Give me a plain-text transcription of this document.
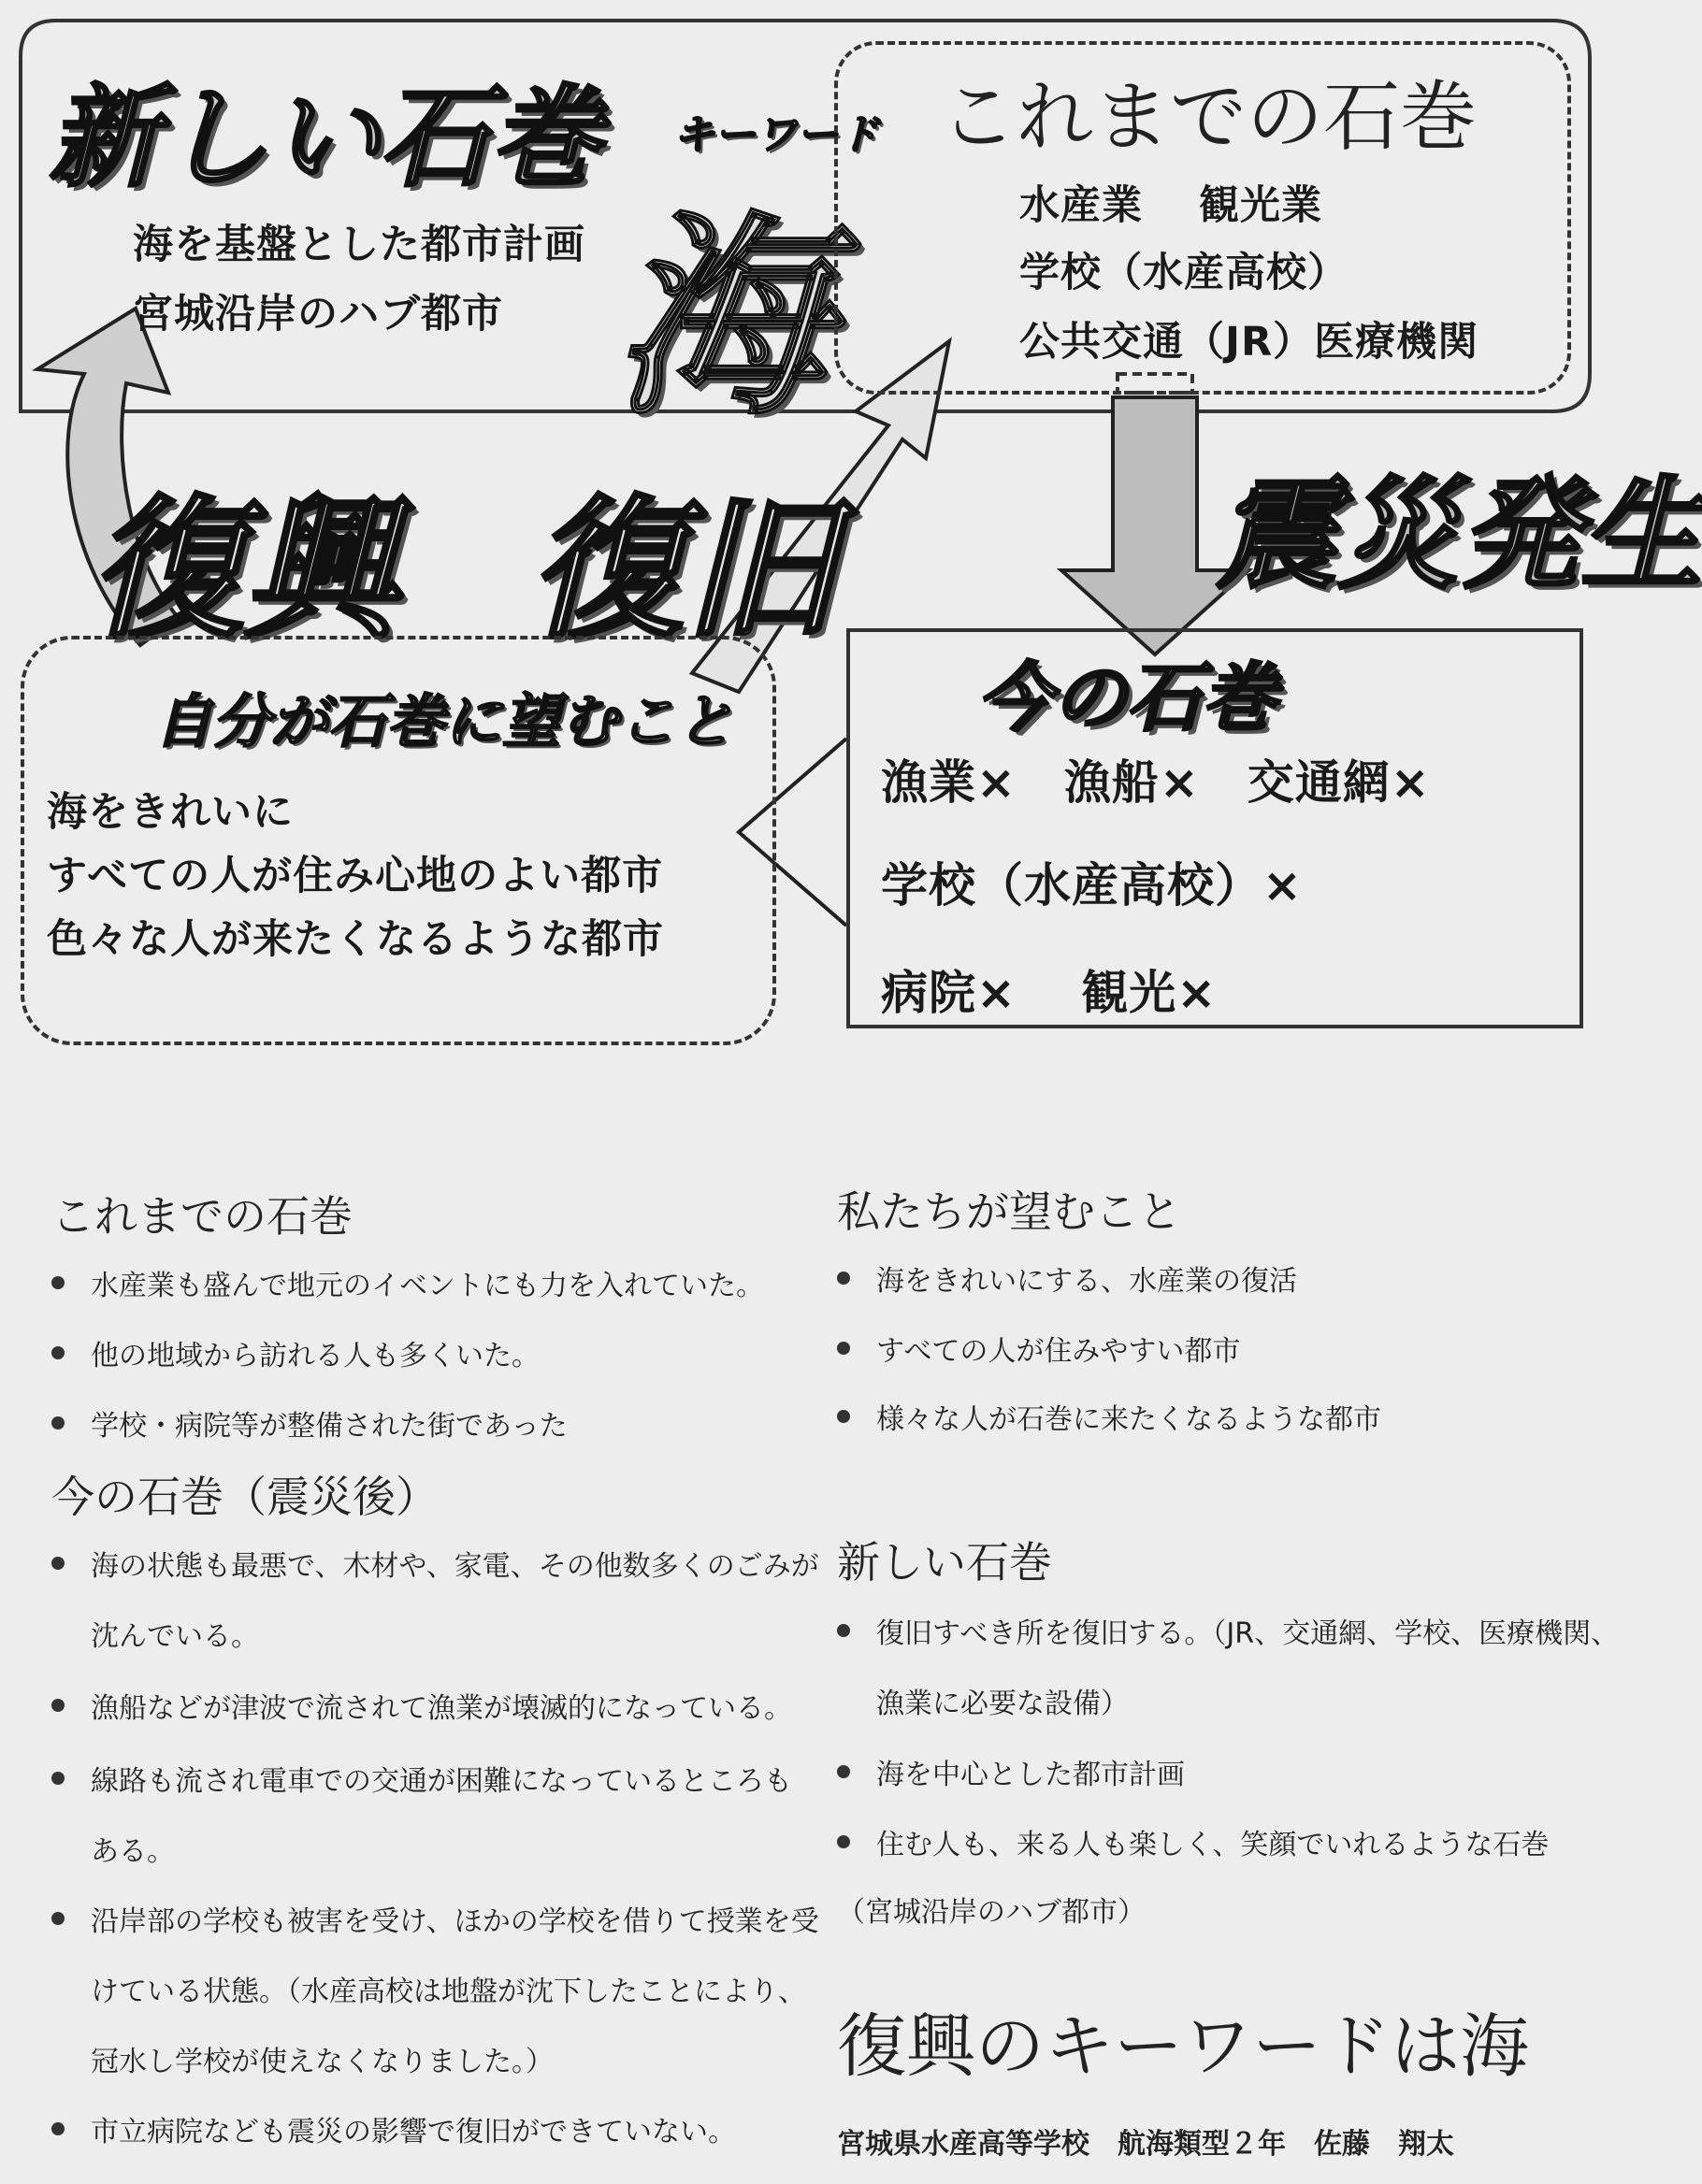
新しい石巻 キーワード
海
海を基盤とした都市計画
宮城沿岸のハブ都市
これまでの石巻
水産業　 観光業
学校（水産高校）
公共交通（JR）医療機関
復興 復旧	震災発生
今の石巻
漁業×　漁船×　交通網×
学校（水産高校）×
病院×　 観光×
自分が石巻に望むこと
海をきれいに
すべての人が住み心地のよい都市
色々な人が来たくなるような都市
これまでの石巻
水産業も盛んで地元のイベントにも力を入れていた。
他の地域から訪れる人も多くいた。
学校・病院等が整備された街であった
今の石巻（震災後）
海の状態も最悪で、木材や、家電、その他数多くのごみが
沈んでいる。
漁船などが津波で流されて漁業が壊滅的になっている。
線路も流され電車での交通が困難になっているところも
ある。
沿岸部の学校も被害を受け、ほかの学校を借りて授業を受
けている状態。（水産高校は地盤が沈下したことにより、
冠水し学校が使えなくなりました。）
市立病院なども震災の影響で復旧ができていない。
私たちが望むこと
海をきれいにする、水産業の復活
すべての人が住みやすい都市
様々な人が石巻に来たくなるような都市
新しい石巻
復旧すべき所を復旧する。（JR、交通網、学校、医療機関、
漁業に必要な設備）
海を中心とした都市計画
住む人も、来る人も楽しく、笑顔でいれるような石巻
（宮城沿岸のハブ都市）
復興のキーワードは海
宮城県水産高等学校　航海類型２年　佐藤　翔太
